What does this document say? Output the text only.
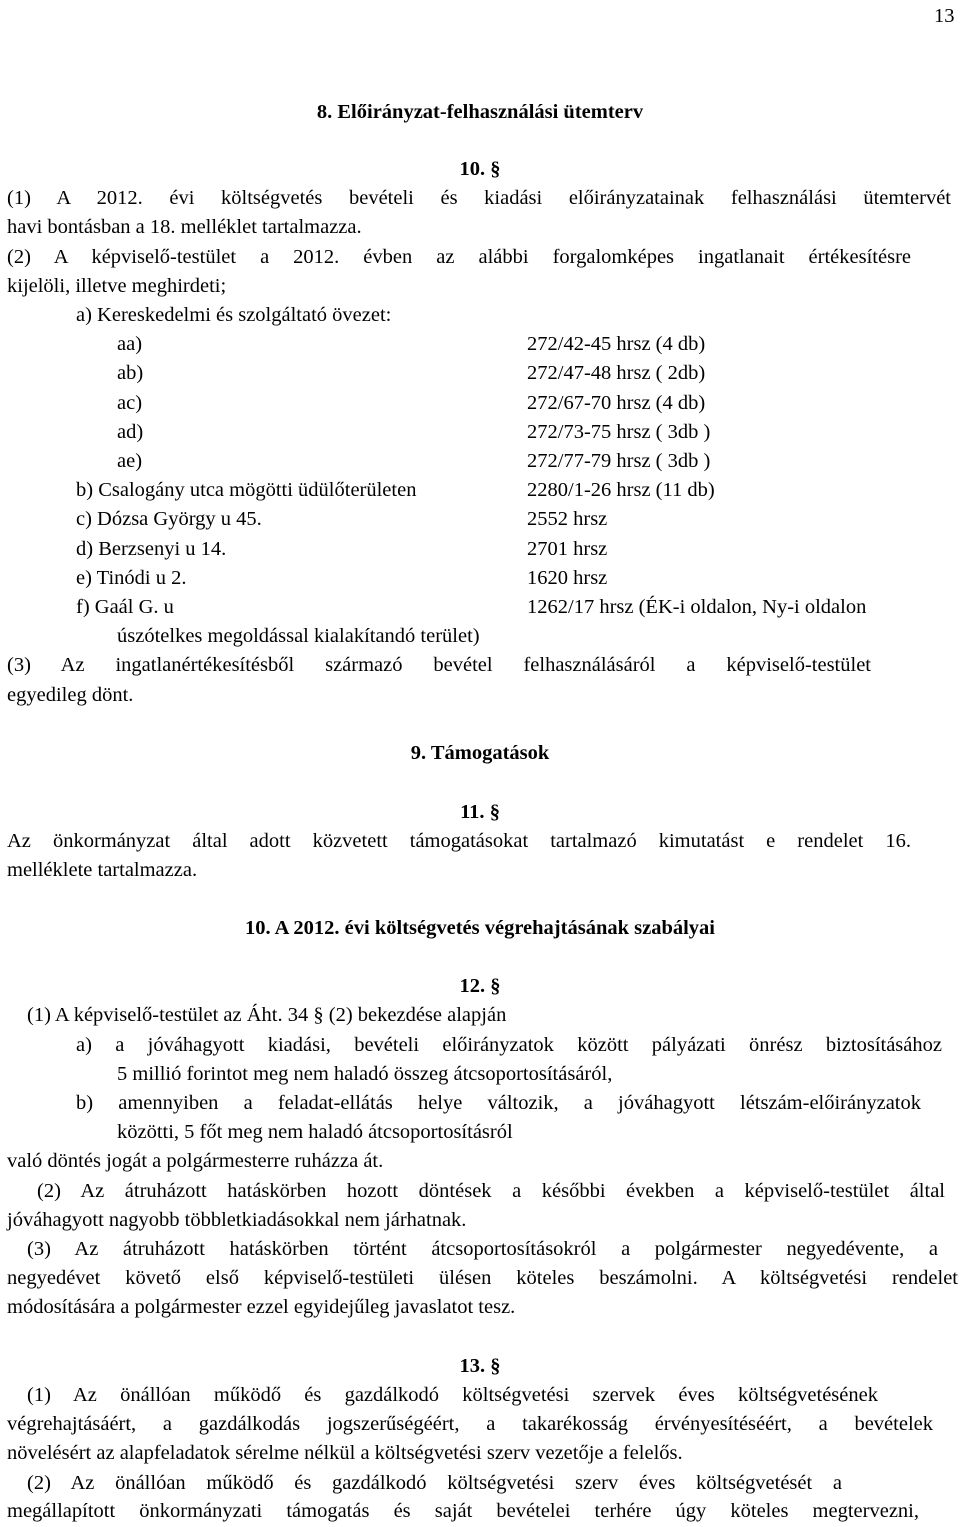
13
8. Előirányzat-felhasználási ütemterv
10. §
(1) A 2012. évi költségvetés bevételi és kiadási előirányzatainak felhasználási ütemtervét
havi bontásban a 18. melléklet tartalmazza.
(2) A képviselő-testület a 2012. évben az alábbi forgalomképes ingatlanait értékesítésre
kijelöli, illetve meghirdeti;
a) Kereskedelmi és szolgáltató övezet:
aa)	272/42-45 hrsz (4 db)
ab)	272/47-48 hrsz ( 2db)
ac)	272/67-70 hrsz (4 db)
ad)	272/73-75 hrsz ( 3db )
ae)	272/77-79 hrsz ( 3db )
b) Csalogány utca mögötti üdülőterületen	2280/1-26 hrsz (11 db)
c) Dózsa György u 45.	2552 hrsz
d) Berzsenyi u 14.	2701 hrsz
e) Tinódi u 2.	1620 hrsz
f) Gaál G. u	1262/17 hrsz (ÉK-i oldalon, Ny-i oldalon
úszótelkes megoldással kialakítandó terület)
(3) Az ingatlanértékesítésből származó bevétel felhasználásáról a képviselő-testület
egyedileg dönt.
9. Támogatások
11. §
Az önkormányzat által adott közvetett támogatásokat tartalmazó kimutatást e rendelet 16.
melléklete tartalmazza.
10. A 2012. évi költségvetés végrehajtásának szabályai
12. §
(1) A képviselő-testület az Áht. 34 § (2) bekezdése alapján
a) a jóváhagyott kiadási, bevételi előirányzatok között pályázati önrész biztosításához
5 millió forintot meg nem haladó összeg átcsoportosításáról,
b) amennyiben a feladat-ellátás helye változik, a jóváhagyott létszám-előirányzatok
közötti, 5 főt meg nem haladó átcsoportosításról
való döntés jogát a polgármesterre ruházza át.
(2) Az átruházott hatáskörben hozott döntések a későbbi években a képviselő-testület által
jóváhagyott nagyobb többletkiadásokkal nem járhatnak.
(3) Az átruházott hatáskörben történt átcsoportosításokról a polgármester negyedévente, a
negyedévet követő első képviselő-testületi ülésen köteles beszámolni. A költségvetési rendelet
módosítására a polgármester ezzel egyidejűleg javaslatot tesz.
13. §
(1) Az önállóan működő és gazdálkodó költségvetési szervek éves költségvetésének
végrehajtásáért, a gazdálkodás jogszerűségéért, a takarékosság érvényesítéséért, a bevételek
növelésért az alapfeladatok sérelme nélkül a költségvetési szerv vezetője a felelős.
(2) Az önállóan működő és gazdálkodó költségvetési szerv éves költségvetését a
megállapított önkormányzati támogatás és saját bevételei terhére úgy köteles megtervezni,
